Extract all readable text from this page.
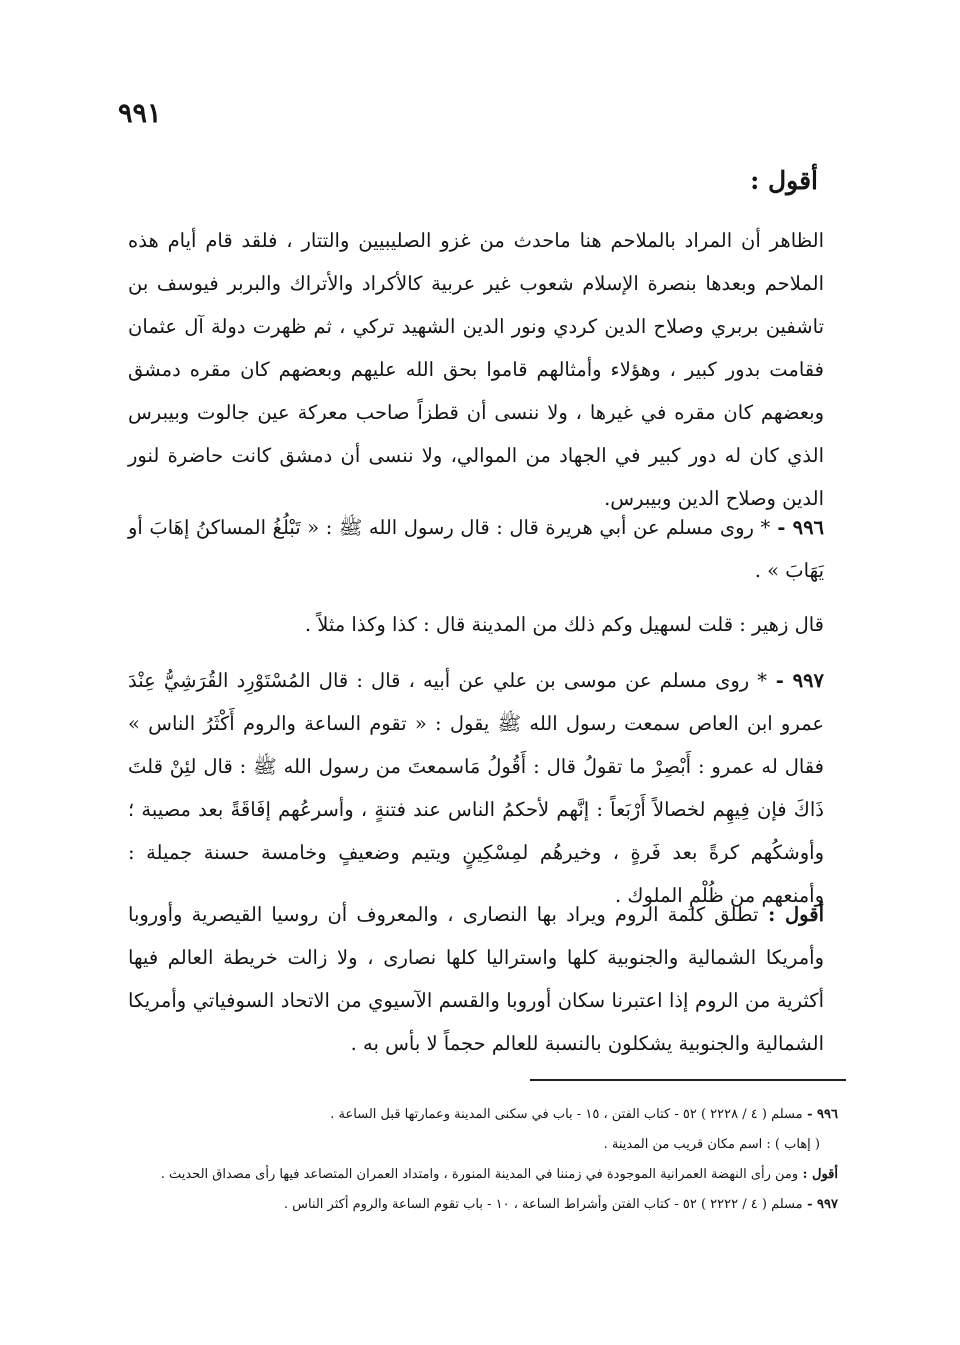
٩٩١
أقول :
الظاهر أن المراد بالملاحم هنا ماحدث من غزو الصليبيين والتتار ، فلقد قام أيام هذه الملاحم وبعدها بنصرة الإسلام شعوب غير عربية كالأكراد والأتراك والبربر فيوسف بن تاشفين بربري وصلاح الدين كردي ونور الدين الشهيد تركي ، ثم ظهرت دولة آل عثمان فقامت بدور كبير ، وهؤلاء وأمثالهم قاموا بحق الله عليهم وبعضهم كان مقره دمشق وبعضهم كان مقره في غيرها ، ولا ننسى أن قطزاً صاحب معركة عين جالوت وبيبرس الذي كان له دور كبير في الجهاد من الموالي، ولا ننسى أن دمشق كانت حاضرة لنور الدين وصلاح الدين وبيبرس.
٩٩٦ - * روى مسلم عن أبي هريرة قال : قال رسول الله ﷺ : « تَبْلُغُ المساكنُ إهَابَ أو يَهَابَ » .
قال زهير : قلت لسهيل وكم ذلك من المدينة قال : كذا وكذا مثلاً .
٩٩٧ - * روى مسلم عن موسى بن علي عن أبيه ، قال : قال المُسْتَوْرِد القُرَشِيُّ عِنْدَ عمرو ابن العاص سمعت رسول الله ﷺ يقول : « تقوم الساعة والروم أَكْثَرُ الناس » فقال له عمرو : أَبْصِرْ ما تقولُ قال : أَقُولُ مَاسمعتَ من رسول الله ﷺ : قال لئِنْ قلتَ ذَاكَ فإن فِيهِم لخصالاً أَرْبَعاً : إنَّهم لأحكمُ الناس عند فتنةٍ ، وأسرعُهم إفَاقَةً بعد مصيبة ؛ وأوشكُهم كرةً بعد فَرةٍ ، وخيرهُم لمِسْكِينٍ ويتيم وضعيفٍ وخامسة حسنة جميلة : وأمنعهم من ظُلْمِ الملوك .
أقول : تطلق كلمة الروم ويراد بها النصارى ، والمعروف أن روسيا القيصرية وأوروبا وأمريكا الشمالية والجنوبية كلها واستراليا كلها نصارى ، ولا زالت خريطة العالم فيها أكثرية من الروم إذا اعتبرنا سكان أوروبا والقسم الآسيوي من الاتحاد السوفياتي وأمريكا الشمالية والجنوبية يشكلون بالنسبة للعالم حجماً لا بأس به .

٩٩٦ - مسلم ( ٤ / ٢٢٢٨ ) ٥٢ - كتاب الفتن ، ١٥ - باب في سكنى المدينة وعمارتها قبل الساعة .

( إهاب ) : اسم مكان قريب من المدينة .

أقول : ومن رأى النهضة العمرانية الموجودة في زمننا في المدينة المنورة ، وامتداد العمران المتصاعد فيها رأى مصداق الحديث .

٩٩٧ - مسلم ( ٤ / ٢٢٢٢ ) ٥٢ - كتاب الفتن وأشراط الساعة ، ١٠ - باب تقوم الساعة والروم أكثر الناس .
